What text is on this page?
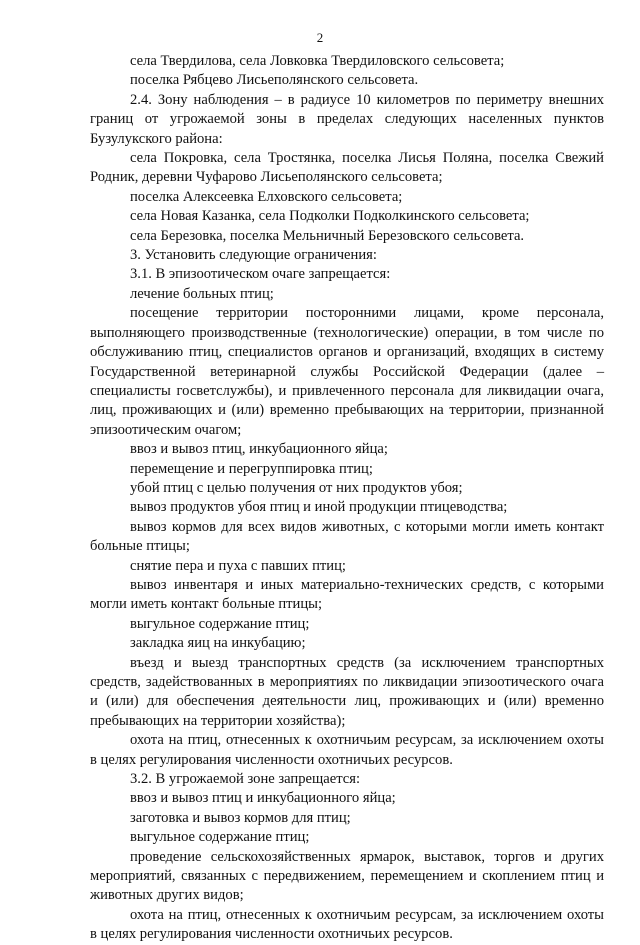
2

села Твердилова, села Ловковка Твердиловского сельсовета;

поселка Рябцево Лисьеполянского сельсовета.

2.4. Зону наблюдения – в радиусе 10 километров по периметру внешних границ от угрожаемой зоны в пределах следующих населенных пунктов Бузулукского района:

села Покровка, села Тростянка, поселка Лисья Поляна, поселка Свежий Родник, деревни Чуфарово Лисьеполянского сельсовета;

поселка Алексеевка Елховского сельсовета;

села Новая Казанка, села Подколки Подколкинского сельсовета;

села Березовка, поселка Мельничный Березовского сельсовета.

3. Установить следующие ограничения:

3.1. В эпизоотическом очаге запрещается:

лечение больных птиц;

посещение территории посторонними лицами, кроме персонала, выполняющего производственные (технологические) операции, в том числе по обслуживанию птиц, специалистов органов и организаций, входящих в систему Государственной ветеринарной службы Российской Федерации (далее – специалисты госветслужбы), и привлеченного персонала для ликвидации очага, лиц, проживающих и (или) временно пребывающих на территории, признанной эпизоотическим очагом;

ввоз и вывоз птиц, инкубационного яйца;

перемещение и перегруппировка птиц;

убой птиц с целью получения от них продуктов убоя;

вывоз продуктов убоя птиц и иной продукции птицеводства;

вывоз кормов для всех видов животных, с которыми могли иметь контакт больные птицы;

снятие пера и пуха с павших птиц;

вывоз инвентаря и иных материально-технических средств, с которыми могли иметь контакт больные птицы;

выгульное содержание птиц;

закладка яиц на инкубацию;

въезд и выезд транспортных средств (за исключением транспортных средств, задействованных в мероприятиях по ликвидации эпизоотического очага и (или) для обеспечения деятельности лиц, проживающих и (или) временно пребывающих на территории хозяйства);

охота на птиц, отнесенных к охотничьим ресурсам, за исключением охоты в целях регулирования численности охотничьих ресурсов.

3.2. В угрожаемой зоне запрещается:

ввоз и вывоз птиц и инкубационного яйца;

заготовка и вывоз кормов для птиц;

выгульное содержание птиц;

проведение сельскохозяйственных ярмарок, выставок, торгов и других мероприятий, связанных с передвижением, перемещением и скоплением птиц и животных других видов;

охота на птиц, отнесенных к охотничьим ресурсам, за исключением охоты в целях регулирования численности охотничьих ресурсов.
